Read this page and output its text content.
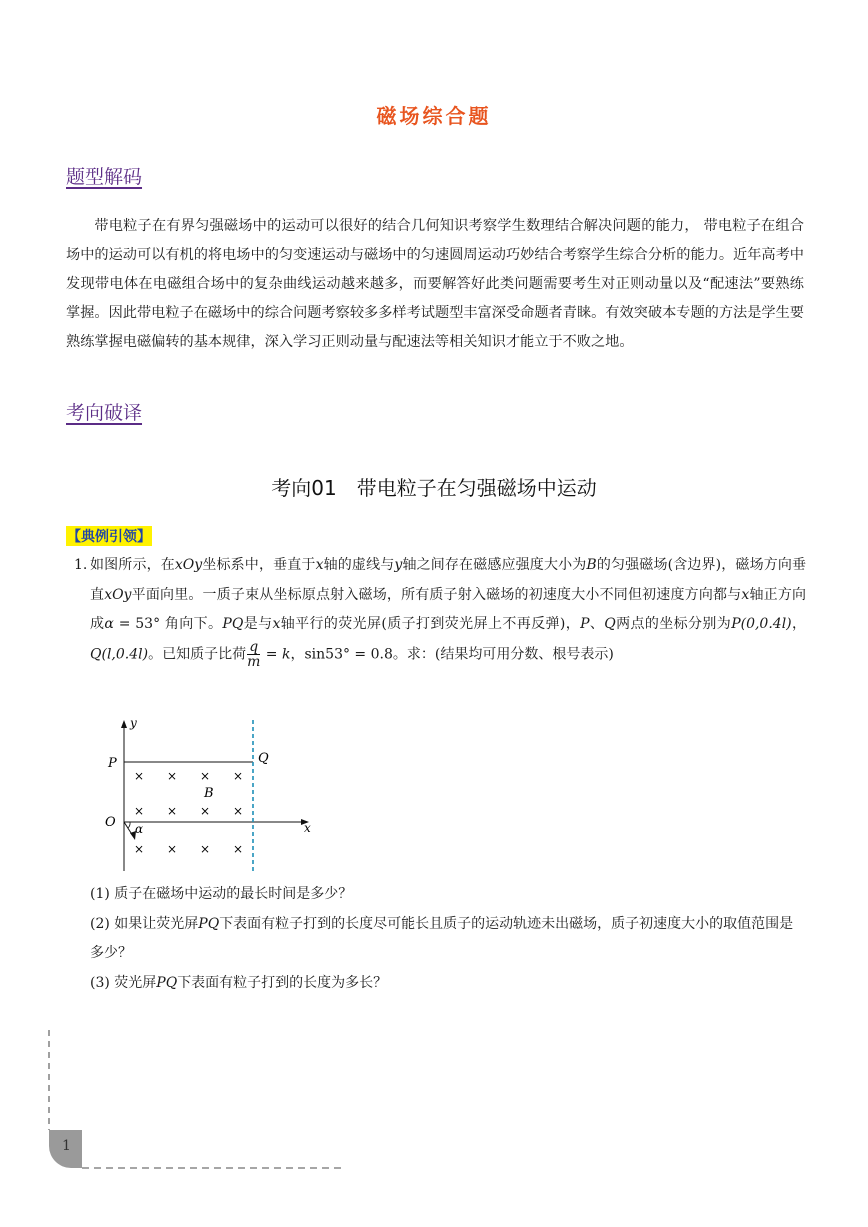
磁场综合题
题型解码
带电粒子在有界匀强磁场中的运动可以很好的结合几何知识考察学生数理结合解决问题的能力， 带电粒子在组合场中的运动可以有机的将电场中的匀变速运动与磁场中的匀速圆周运动巧妙结合考察学生综合分析的能力。近年高考中发现带电体在电磁组合场中的复杂曲线运动越来越多，而要解答好此类问题需要考生对正则动量以及“配速法”要熟练掌握。因此带电粒子在磁场中的综合问题考察较多多样考试题型丰富深受命题者青睐。有效突破本专题的方法是学生要熟练掌握电磁偏转的基本规律，深入学习正则动量与配速法等相关知识才能立于不败之地。
考向破译
考向01　带电粒子在匀强磁场中运动
【典例引领】
1. 如图所示，在xOy坐标系中，垂直于x轴的虚线与y轴之间存在磁感应强度大小为B的匀强磁场(含边界)，磁场方向垂直xOy平面向里。一质子束从坐标原点射入磁场，所有质子射入磁场的初速度大小不同但初速度方向都与x轴正方向成α = 53° 角向下。PQ是与x轴平行的荧光屏(质子打到荧光屏上不再反弹)，P、Q两点的坐标分别为P(0,0.4l)，Q(l,0.4l)。已知质子比荷 $\frac{q}{m} = k$，sin53° = 0.8。求：(结果均可用分数、根号表示)
y
x
P	Q
O
B
α
× × × ×
× × × ×
× × × ×
(1) 质子在磁场中运动的最长时间是多少？
(2) 如果让荧光屏PQ下表面有粒子打到的长度尽可能长且质子的运动轨迹未出磁场，质子初速度大小的取值范围是多少？
(3) 荧光屏PQ下表面有粒子打到的长度为多长？
1
